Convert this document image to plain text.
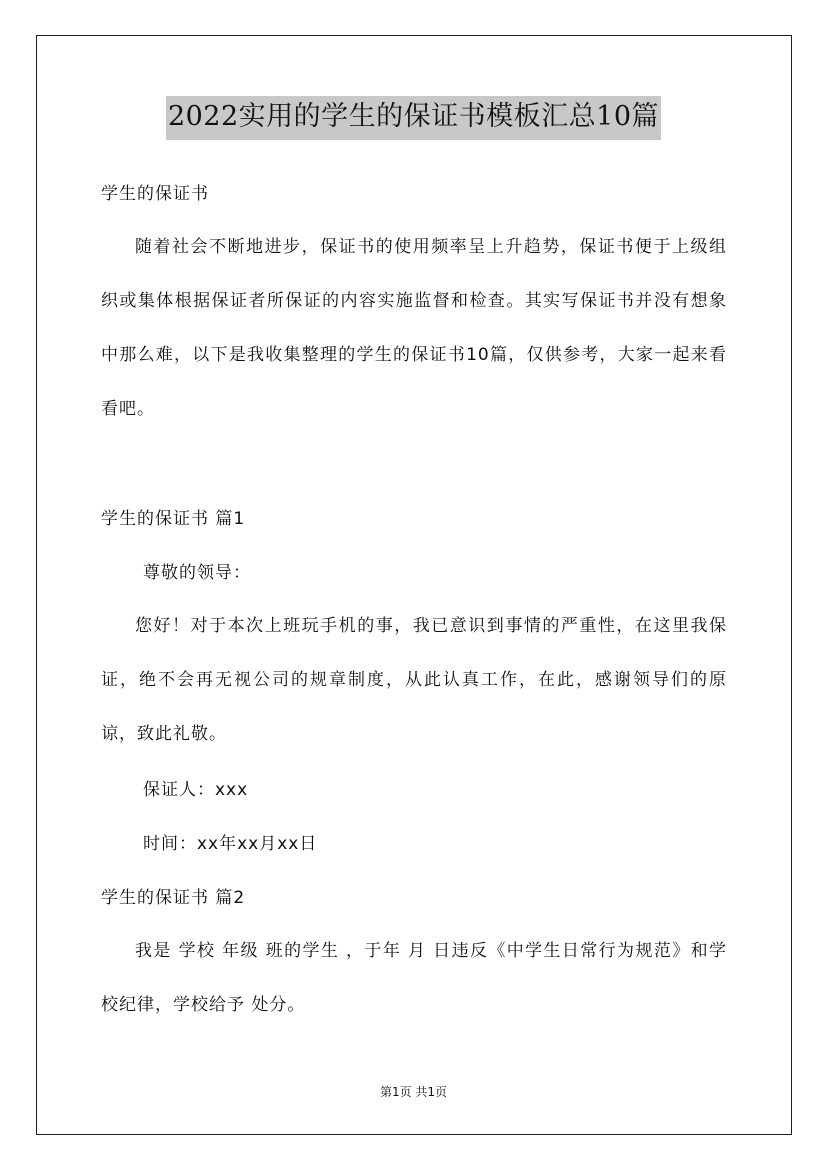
2022实用的学生的保证书模板汇总10篇
学生的保证书
随着社会不断地进步，保证书的使用频率呈上升趋势，保证书便于上级组织或集体根据保证者所保证的内容实施监督和检查。其实写保证书并没有想象中那么难，以下是我收集整理的学生的保证书10篇，仅供参考，大家一起来看看吧。
学生的保证书 篇1
尊敬的领导：
您好！对于本次上班玩手机的事，我已意识到事情的严重性，在这里我保证，绝不会再无视公司的规章制度，从此认真工作，在此，感谢领导们的原谅，致此礼敬。
保证人：xxx
时间：xx年xx月xx日
学生的保证书 篇2
我是 学校 年级 班的学生 ，于年 月 日违反《中学生日常行为规范》和学校纪律，学校给予 处分。
第1页 共1页
